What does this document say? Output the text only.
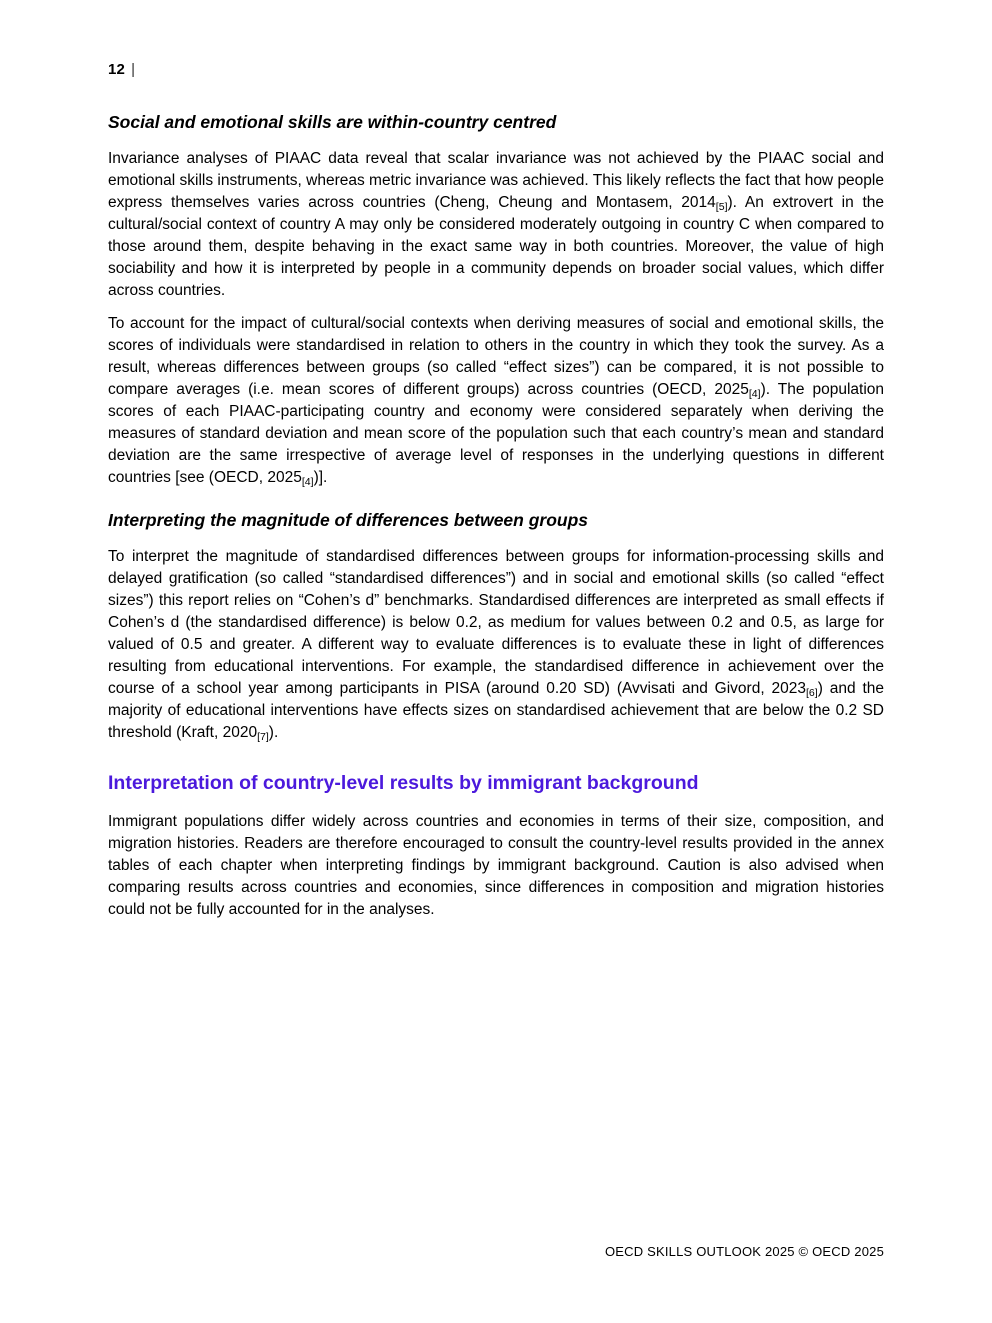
12 |
Social and emotional skills are within-country centred

Invariance analyses of PIAAC data reveal that scalar invariance was not achieved by the PIAAC social and emotional skills instruments, whereas metric invariance was achieved. This likely reflects the fact that how people express themselves varies across countries (Cheng, Cheung and Montasem, $2014_{[5]}$). An extrovert in the cultural/social context of country A may only be considered moderately outgoing in country C when compared to those around them, despite behaving in the exact same way in both countries. Moreover, the value of high sociability and how it is interpreted by people in a community depends on broader social values, which differ across countries.

To account for the impact of cultural/social contexts when deriving measures of social and emotional skills, the scores of individuals were standardised in relation to others in the country in which they took the survey. As a result, whereas differences between groups (so called “effect sizes”) can be compared, it is not possible to compare averages (i.e. mean scores of different groups) across countries (OECD, $2025_{[4]}$). The population scores of each PIAAC-participating country and economy were considered separately when deriving the measures of standard deviation and mean score of the population such that each country’s mean and standard deviation are the same irrespective of average level of responses in the underlying questions in different countries [see (OECD, $2025_{[4]}$)].

Interpreting the magnitude of differences between groups

To interpret the magnitude of standardised differences between groups for information-processing skills and delayed gratification (so called “standardised differences”) and in social and emotional skills (so called “effect sizes”) this report relies on “Cohen’s d” benchmarks. Standardised differences are interpreted as small effects if Cohen’s d (the standardised difference) is below 0.2, as medium for values between 0.2 and 0.5, as large for valued of 0.5 and greater. A different way to evaluate differences is to evaluate these in light of differences resulting from educational interventions. For example, the standardised difference in achievement over the course of a school year among participants in PISA (around 0.20 SD) (Avvisati and Givord, $2023_{[6]}$) and the majority of educational interventions have effects sizes on standardised achievement that are below the 0.2 SD threshold (Kraft, $2020_{[7]}$).

Interpretation of country-level results by immigrant background

Immigrant populations differ widely across countries and economies in terms of their size, composition, and migration histories. Readers are therefore encouraged to consult the country-level results provided in the annex tables of each chapter when interpreting findings by immigrant background. Caution is also advised when comparing results across countries and economies, since differences in composition and migration histories could not be fully accounted for in the analyses.

OECD SKILLS OUTLOOK 2025 © OECD 2025
